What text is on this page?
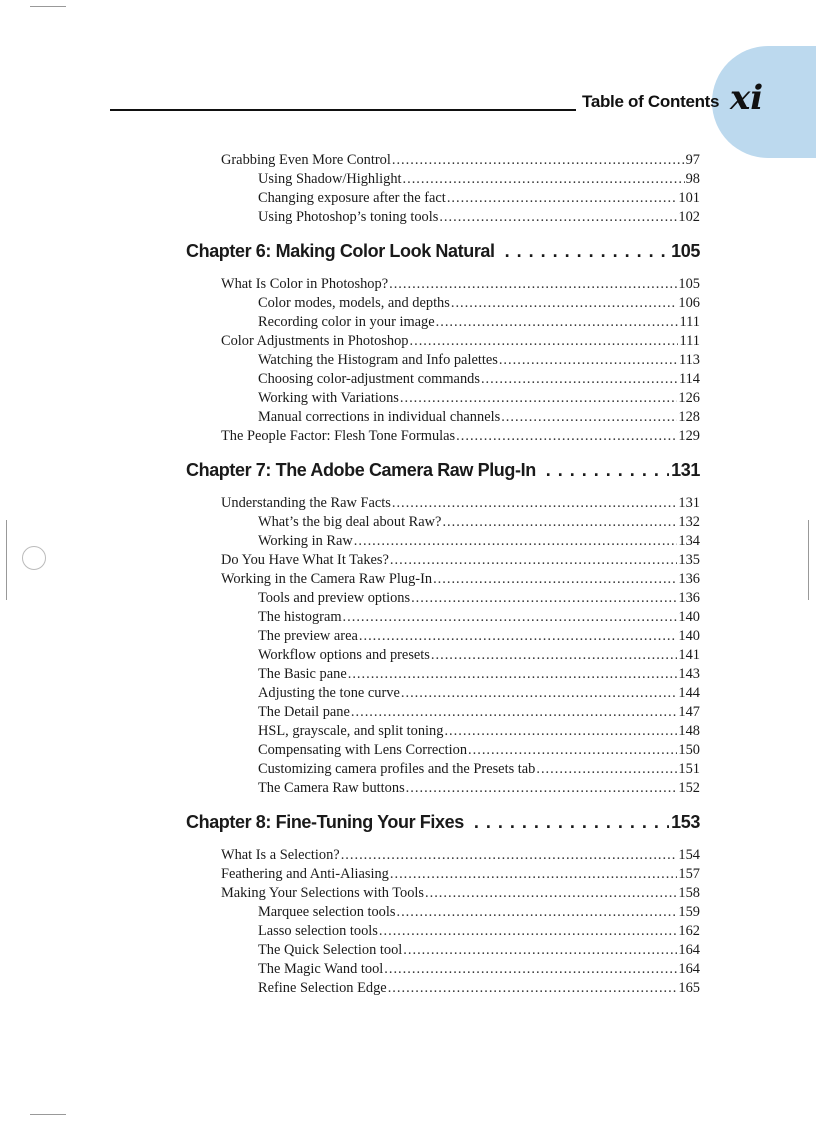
xi
Table of Contents
Grabbing Even More Control .....	97
Using Shadow/Highlight .....	98
Changing exposure after the fact .....	101
Using Photoshop’s toning tools .....	102
Chapter 6: Making Color Look Natural . . .	105
What Is Color in Photoshop? .....	105
Color modes, models, and depths .....	106
Recording color in your image .....	111
Color Adjustments in Photoshop .....	111
Watching the Histogram and Info palettes .....	113
Choosing color-adjustment commands .....	114
Working with Variations .....	126
Manual corrections in individual channels .....	128
The People Factor: Flesh Tone Formulas .....	129
Chapter 7: The Adobe Camera Raw Plug-In . . .	131
Understanding the Raw Facts .....	131
What’s the big deal about Raw? .....	132
Working in Raw .....	134
Do You Have What It Takes? .....	135
Working in the Camera Raw Plug-In .....	136
Tools and preview options .....	136
The histogram .....	140
The preview area .....	140
Workflow options and presets .....	141
The Basic pane .....	143
Adjusting the tone curve .....	144
The Detail pane .....	147
HSL, grayscale, and split toning .....	148
Compensating with Lens Correction .....	150
Customizing camera profiles and the Presets tab .....	151
The Camera Raw buttons .....	152
Chapter 8: Fine-Tuning Your Fixes . . .	153
What Is a Selection? .....	154
Feathering and Anti-Aliasing .....	157
Making Your Selections with Tools .....	158
Marquee selection tools .....	159
Lasso selection tools .....	162
The Quick Selection tool .....	164
The Magic Wand tool .....	164
Refine Selection Edge .....	165
